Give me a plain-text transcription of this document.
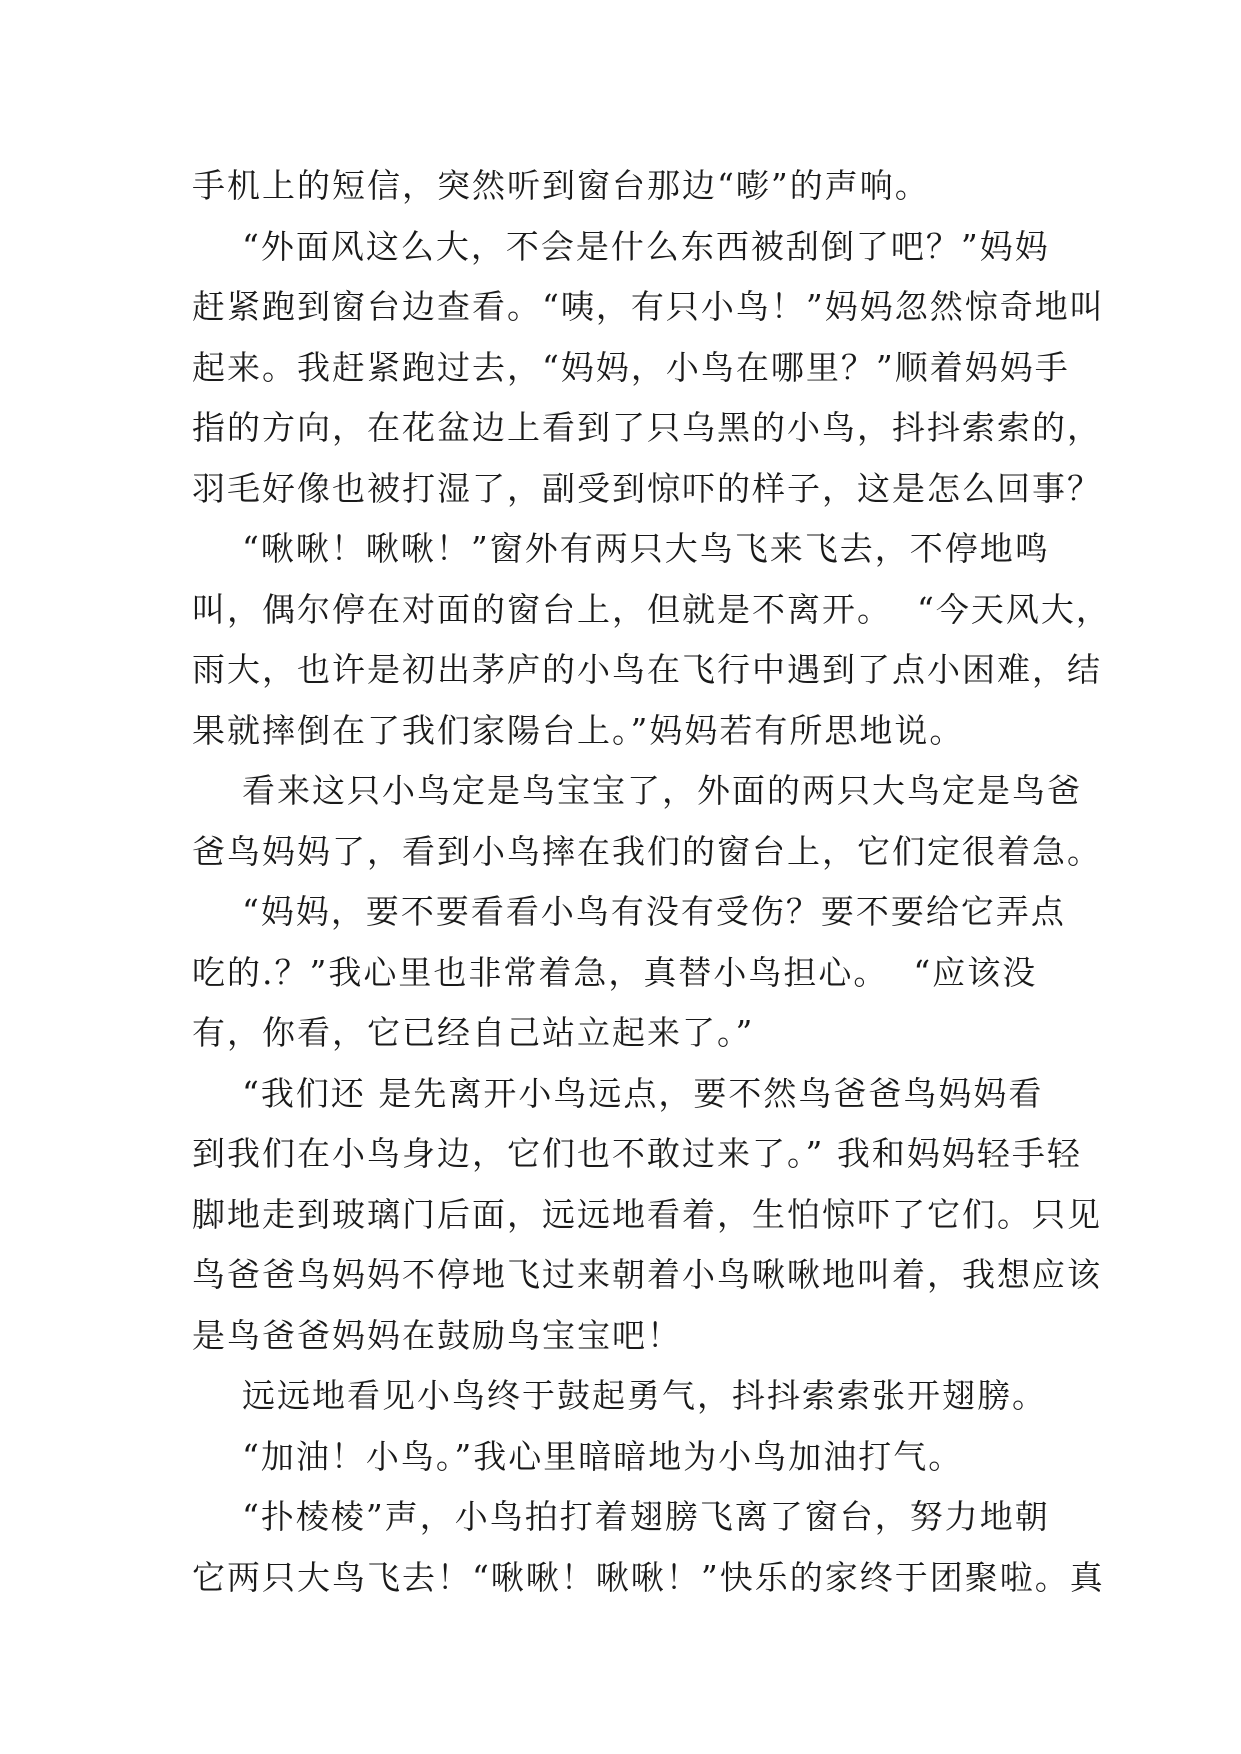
手机上的短信，突然听到窗台那边“嘭”的声响。
“外面风这么大，不会是什么东西被刮倒了吧？”妈妈
赶紧跑到窗台边查看。“咦，有只小鸟！”妈妈忽然惊奇地叫
起来。我赶紧跑过去，“妈妈，小鸟在哪里？”顺着妈妈手
指的方向，在花盆边上看到了只乌黑的小鸟，抖抖索索的，
羽毛好像也被打湿了，副受到惊吓的样子，这是怎么回事？
“啾啾！啾啾！”窗外有两只大鸟飞来飞去，不停地鸣
叫，偶尔停在对面的窗台上，但就是不离开。  “今天风大，
雨大，也许是初出茅庐的小鸟在飞行中遇到了点小困难，结
果就摔倒在了我们家陽台上。”妈妈若有所思地说。
看来这只小鸟定是鸟宝宝了，外面的两只大鸟定是鸟爸
爸鸟妈妈了，看到小鸟摔在我们的窗台上，它们定很着急。
“妈妈，要不要看看小鸟有没有受伤？要不要给它弄点
吃的.？”我心里也非常着急，真替小鸟担心。  “应该没
有，你看，它已经自己站立起来了。”
“我们还 是先离开小鸟远点，要不然鸟爸爸鸟妈妈看
到我们在小鸟身边，它们也不敢过来了。” 我和妈妈轻手轻
脚地走到玻璃门后面，远远地看着，生怕惊吓了它们。只见
鸟爸爸鸟妈妈不停地飞过来朝着小鸟啾啾地叫着，我想应该
是鸟爸爸妈妈在鼓励鸟宝宝吧！
远远地看见小鸟终于鼓起勇气，抖抖索索张开翅膀。
“加油！小鸟。”我心里暗暗地为小鸟加油打气。
“扑棱棱”声，小鸟拍打着翅膀飞离了窗台，努力地朝
它两只大鸟飞去！“啾啾！啾啾！”快乐的家终于团聚啦。真
